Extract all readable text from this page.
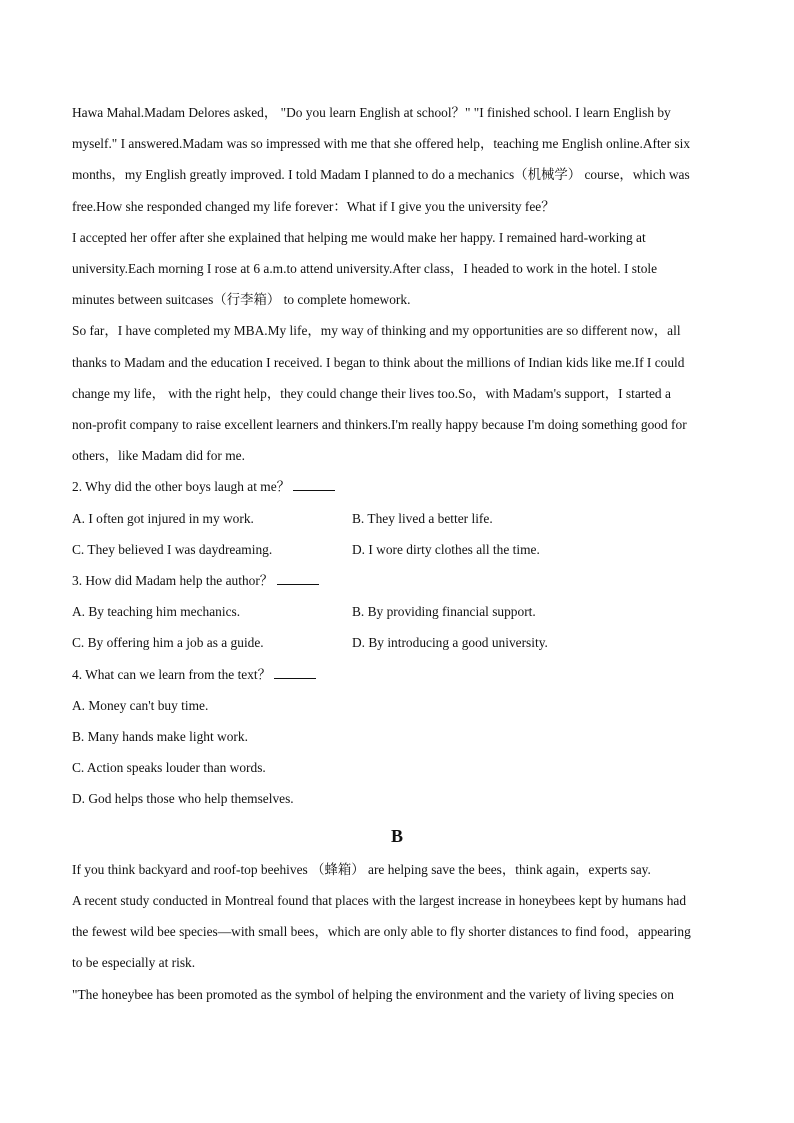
Hawa Mahal.Madam Delores asked， "Do you learn English at school？" "I finished school. I learn English by
myself." I answered.Madam was so impressed with me that she offered help，teaching me English online.After six
months，my English greatly improved. I told Madam I planned to do a mechanics（机械学） course，which was
free.How she responded changed my life forever：What if I give you the university fee？
I accepted her offer after she explained that helping me would make her happy. I remained hard-working at
university.Each morning I rose at 6 a.m.to attend university.After class，I headed to work in the hotel. I stole
minutes between suitcases（行李箱） to complete homework.
So far，I have completed my MBA.My life，my way of thinking and my opportunities are so different now，all
thanks to Madam and the education I received. I began to think about the millions of Indian kids like me.If I could
change my life， with the right help，they could change their lives too.So，with Madam's support，I started a
non-profit company to raise excellent learners and thinkers.I'm really happy because I'm doing something good for
others，like Madam did for me.
2. Why did the other boys laugh at me？
A. I often got injured in my work.	B. They lived a better life.
C. They believed I was daydreaming.	D. I wore dirty clothes all the time.
3. How did Madam help the author？
A. By teaching him mechanics.	B. By providing financial support.
C. By offering him a job as a guide.	D. By introducing a good university.
4. What can we learn from the text？
A. Money can't buy time.
B. Many hands make light work.
C. Action speaks louder than words.
D. God helps those who help themselves.
B
If you think backyard and roof-top beehives （蜂箱） are helping save the bees，think again，experts say.
A recent study conducted in Montreal found that places with the largest increase in honeybees kept by humans had
the fewest wild bee species—with small bees，which are only able to fly shorter distances to find food，appearing
to be especially at risk.
"The honeybee has been promoted as the symbol of helping the environment and the variety of living species on
